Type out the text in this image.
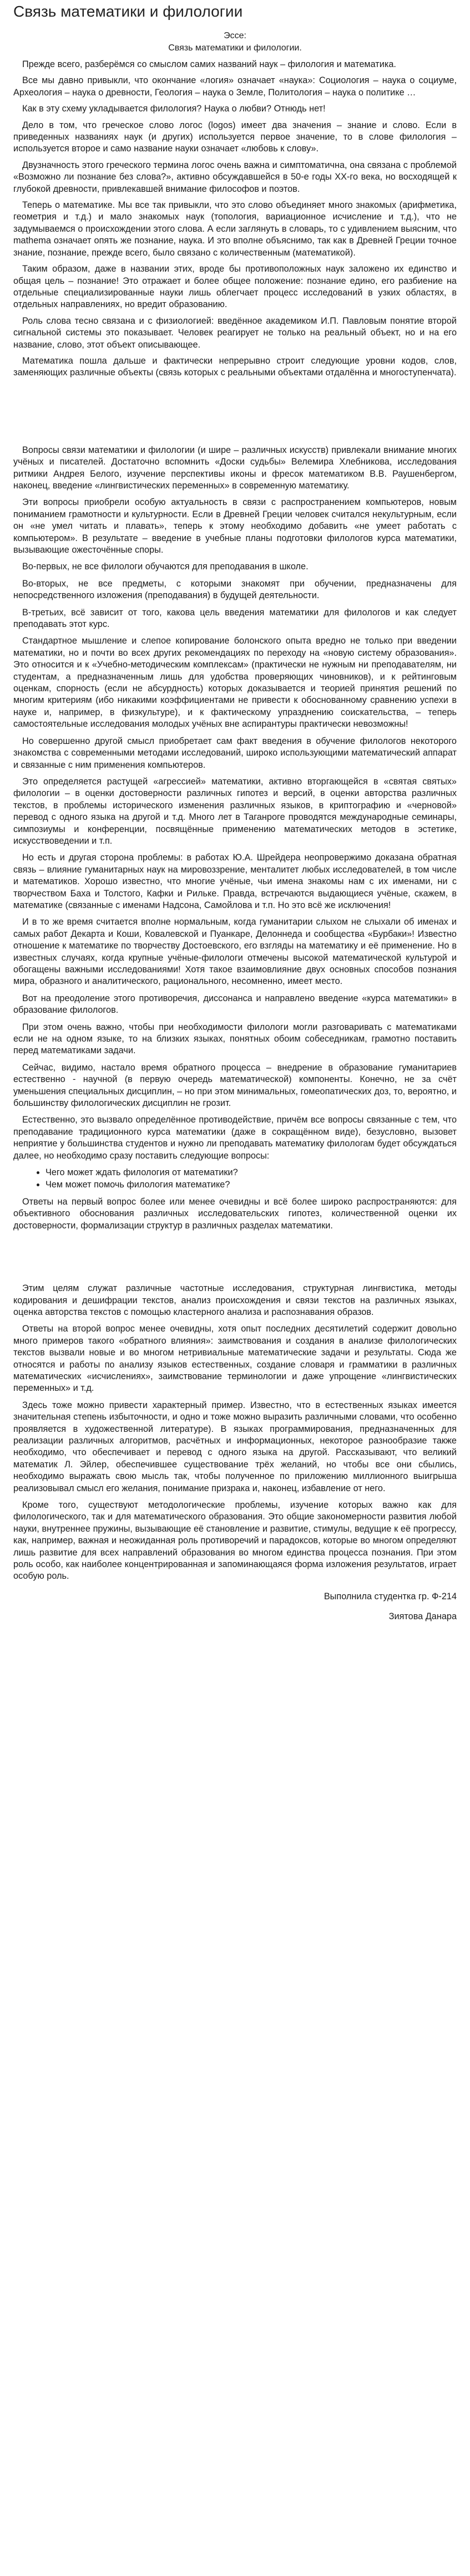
Связь математики и филологии
Эссе:
Связь математики и филологии.

Прежде всего, разберёмся со смыслом самих названий наук – филология и математика.

Все мы давно привыкли, что окончание «логия» означает «наука»: Социология – наука о социуме, Археология – наука о древности, Геология – наука о Земле, Политология – наука о политике …

Как в эту схему укладывается филология? Наука о любви? Отнюдь нет!

Дело в том, что греческое слово логос (logos) имеет два значения – знание и слово. Если в приведенных названиях наук (и других) используется первое значение, то в слове филология – используется второе и само название науки означает «любовь к слову».

Двузначность этого греческого термина логос очень важна и симптоматична, она связана с проблемой «Возможно ли познание без слова?», активно обсуждавшейся в 50-е годы XX-го века, но восходящей к глубокой древности, привлекавшей внимание философов и поэтов.

Теперь о математике. Мы все так привыкли, что это слово объединяет много знакомых (арифметика, геометрия и т.д.) и мало знакомых наук (топология, вариационное исчисление и т.д.), что не задумываемся о происхождении этого слова. А если заглянуть в словарь, то с удивлением выясним, что mathema означает опять же познание, наука. И это вполне объяснимо, так как в Древней Греции точное знание, познание, прежде всего, было связано с количественным (математикой).

Таким образом, даже в названии этих, вроде бы противоположных наук заложено их единство и общая цель – познание! Это отражает и более общее положение: познание едино, его разбиение на отдельные специализированные науки лишь облегчает процесс исследований в узких областях, в отдельных направлениях, но вредит образованию.

Роль слова тесно связана и с физиологией: введённое академиком И.П. Павловым понятие второй сигнальной системы это показывает. Человек реагирует не только на реальный объект, но и на его название, слово, этот объект описывающее.

Математика пошла дальше и фактически непрерывно строит следующие уровни кодов, слов, заменяющих различные объекты (связь которых с реальными объектами отдалённа и многоступенчата).

Вопросы связи математики и филологии (и шире – различных искусств) привлекали внимание многих учёных и писателей. Достаточно вспомнить «Доски судьбы» Велемира Хлебникова, исследования ритмики Андрея Белого, изучение перспективы иконы и фресок математиком В.В. Раушенбергом, наконец, введение «лингвистических переменных» в современную математику.

Эти вопросы приобрели особую актуальность в связи с распространением компьютеров, новым пониманием грамотности и культурности. Если в Древней Греции человек считался некультурным, если он «не умел читать и плавать», теперь к этому необходимо добавить «не умеет работать с компьютером». В результате – введение в учебные планы подготовки филологов курса математики, вызывающие ожесточённые споры.

Во-первых, не все филологи обучаются для преподавания в школе.

Во-вторых, не все предметы, с которыми знакомят при обучении, предназначены для непосредственного изложения (преподавания) в будущей деятельности.

В-третьих, всё зависит от того, какова цель введения математики для филологов и как следует преподавать этот курс.

Стандартное мышление и слепое копирование болонского опыта вредно не только при введении математики, но и почти во всех других рекомендациях по переходу на «новую систему образования». Это относится и к «Учебно-методическим комплексам» (практически не нужным ни преподавателям, ни студентам, а предназначенным лишь для удобства проверяющих чиновников), и к рейтинговым оценкам, спорность (если не абсурдность) которых доказывается и теорией принятия решений по многим критериям (ибо никакими коэффициентами не привести к обоснованному сравнению успехи в науке и, например, в физкультуре), и к фактическому упразднению соискательства, – теперь самостоятельные исследования молодых учёных вне аспирантуры практически невозможны!

Но совершенно другой смысл приобретает сам факт введения в обучение филологов некоторого знакомства с современными методами исследований, широко использующими математический аппарат и связанные с ним применения компьютеров.

Это определяется растущей «агрессией» математики, активно вторгающейся в «святая святых» филологии – в оценки достоверности различных гипотез и версий, в оценки авторства различных текстов, в проблемы исторического изменения различных языков, в криптографию и «черновой» перевод с одного языка на другой и т.д. Много лет в Таганроге проводятся международные семинары, симпозиумы и конференции, посвящённые применению математических методов в эстетике, искусствоведении и т.п.

Но есть и другая сторона проблемы: в работах Ю.А. Шрейдера неопровержимо доказана обратная связь – влияние гуманитарных наук на мировоззрение, менталитет любых исследователей, в том числе и математиков. Хорошо известно, что многие учёные, чьи имена знакомы нам с их именами, ни с творчеством Баха и Толстого, Кафки и Рильке. Правда, встречаются выдающиеся учёные, скажем, в математике (связанные с именами Надсона, Самойлова и т.п. Но это всё же исключения!

И в то же время считается вполне нормальным, когда гуманитарии слыхом не слыхали об именах и самых работ Декарта и Коши, Ковалевской и Пуанкаре, Делоннеда и сообщества «Бурбаки»! Известно отношение к математике по творчеству Достоевского, его взгляды на математику и её применение. Но в известных случаях, когда крупные учёные-филологи отмечены высокой математической культурой и обогащены важными исследованиями! Хотя такое взаимовлияние двух основных способов познания мира, образного и аналитического, рационального, несомненно, имеет место.

Вот на преодоление этого противоречия, диссонанса и направлено введение «курса математики» в образование филологов.

При этом очень важно, чтобы при необходимости филологи могли разговаривать с математиками если не на одном языке, то на близких языках, понятных обоим собеседникам, грамотно поставить перед математиками задачи.

Сейчас, видимо, настало время обратного процесса – внедрение в образование гуманитариев естественно - научной (в первую очередь математической) компоненты. Конечно, не за счёт уменьшения специальных дисциплин, – но при этом минимальных, гомеопатических доз, то, вероятно, и большинству филологических дисциплин не грозит.

Естественно, это вызвало определённое противодействие, причём все вопросы связанные с тем, что преподавание традиционного курса математики (даже в сокращённом виде), безусловно, вызовет неприятие у большинства студентов и нужно ли преподавать математику филологам будет обсуждаться далее, но необходимо сразу поставить следующие вопросы:

• Чего может ждать филология от математики?
• Чем может помочь филология математике?

Ответы на первый вопрос более или менее очевидны и всё более широко распространяются: для объективного обоснования различных исследовательских гипотез, количественной оценки их достоверности, формализации структур в различных разделах математики.

Этим целям служат различные частотные исследования, структурная лингвистика, методы кодирования и дешифрации текстов, анализ происхождения и связи текстов на различных языках, оценка авторства текстов с помощью кластерного анализа и распознавания образов.

Ответы на второй вопрос менее очевидны, хотя опыт последних десятилетий содержит довольно много примеров такого «обратного влияния»: заимствования и создания в анализе филологических текстов вызвали новые и во многом нетривиальные математические задачи и результаты. Сюда же относятся и работы по анализу языков естественных, создание словаря и грамматики в различных математических «исчислениях», заимствование терминологии и даже упрощение «лингвистических переменных» и т.д.

Здесь тоже можно привести характерный пример. Известно, что в естественных языках имеется значительная степень избыточности, и одно и тоже можно выразить различными словами, что особенно проявляется в художественной литературе). В языках программирования, предназначенных для реализации различных алгоритмов, расчётных и информационных, некоторое разнообразие также необходимо, что обеспечивает и перевод с одного языка на другой. Рассказывают, что великий математик Л. Эйлер, обеспечившее существование трёх желаний, но чтобы все они сбылись, необходимо выражать свою мысль так, чтобы полученное по приложению миллионного выигрыша реализовывал смысл его желания, понимание призрака и, наконец, избавление от него.

Кроме того, существуют методологические проблемы, изучение которых важно как для филологического, так и для математического образования. Это общие закономерности развития любой науки, внутреннее пружины, вызывающие её становление и развитие, стимулы, ведущие к её прогрессу, как, например, важная и неожиданная роль противоречий и парадоксов, которые во многом определяют лишь развитие для всех направлений образования во многом единства процесса познания. При этом роль особо, как наиболее концентрированная и запоминающаяся форма изложения результатов, играет особую роль.

Выполнила студентка гр. Ф-214
Зиятова Данара
